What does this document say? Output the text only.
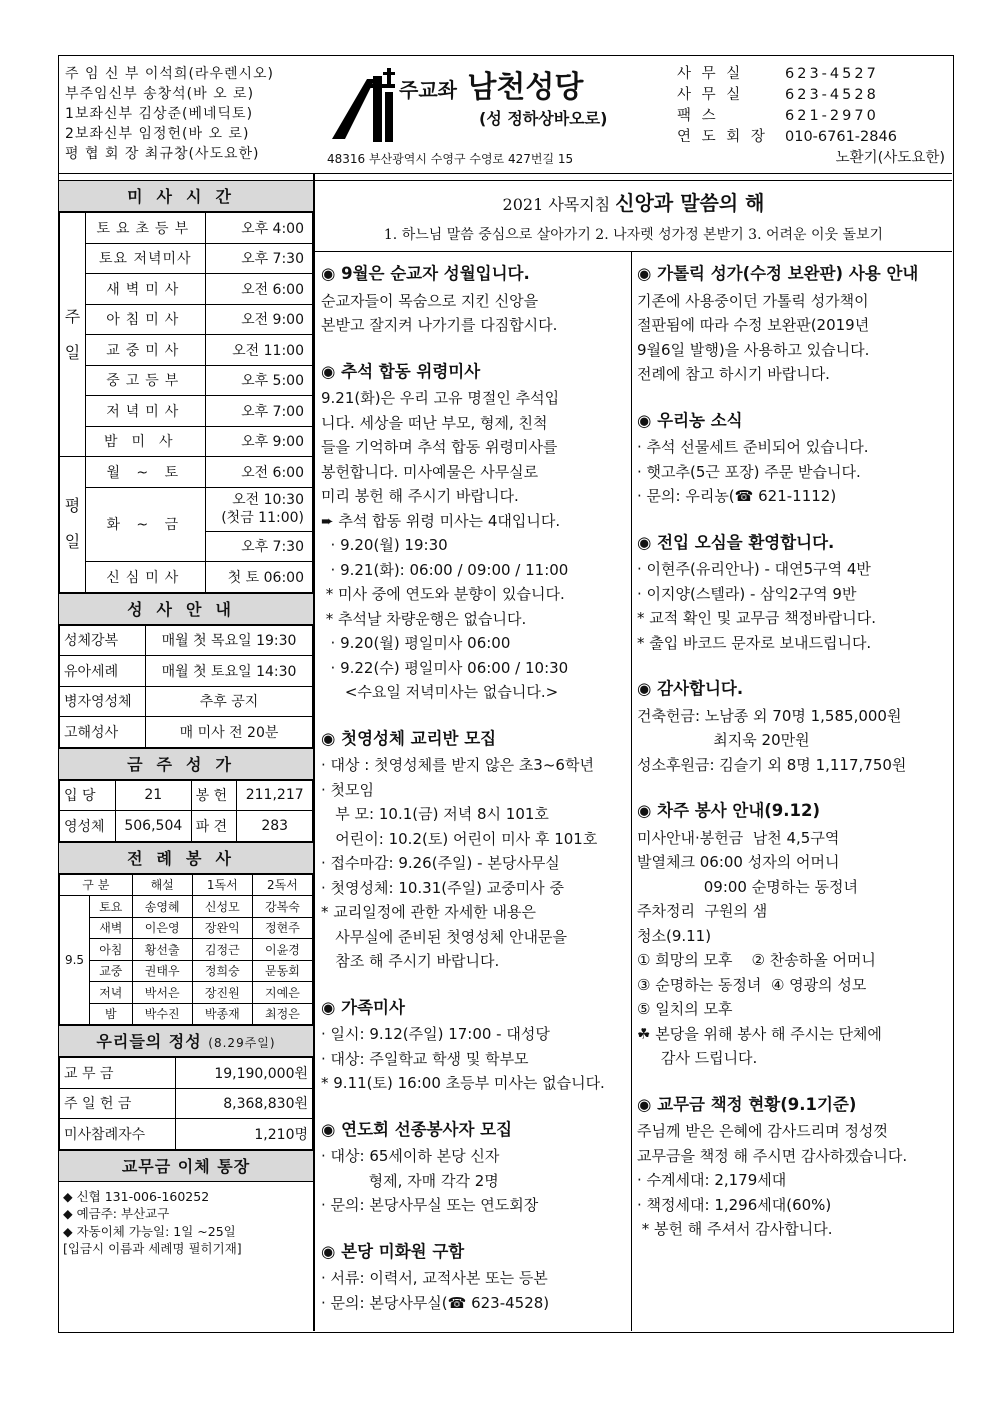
주 임 신 부 이석희(라우렌시오)
부주임신부 송창석(바 오 로)
1보좌신부 김상준(베네딕토)
2보좌신부 임정헌(바 오 로)
평 협 회 장 최규창(사도요한)
주교좌 남천성당
(성 정하상바오로)
48316 부산광역시 수영구 수영로 427번길 15
사 무 실	623-4527
사 무 실	623-4528
팩 스	621-2970
연 도 회 장	010-6761-2846
노환기(사도요한)
미사시간
주일	토요초등부	오후 4:00
	토요 저녁미사	오후 7:30
	새벽미사	오전 6:00
	아침미사	오전 9:00
	교중미사	오전 11:00
	중고등부	오후 5:00
	저녁미사	오후 7:00
	밤미사	오후 9:00
평일	월 ~ 토	오전 6:00
	화 ~ 금	오전 10:30
(첫금 11:00)
		오후 7:30
	신심미사	첫 토 06:00
성사안내
성체강복	매월 첫 목요일 19:30
유아세례	매월 첫 토요일 14:30
병자영성체	추후 공지
고해성사	매 미사 전 20분
금주성가
입 당	21	봉 헌	211,217
영성체	506,504	파 견	283
전례봉사
구 분		해설	1독서	2독서
9.5	토요	송영혜	신성모	강복숙
	새벽	이은영	장완익	정현주
	아침	황선출	김정근	이윤경
	교중	권태우	정희숭	문동회
	저녁	박서은	장진원	지예은
	밤	박수진	박종재	최정은
우리들의 정성 (8.29주일)
교 무 금	19,190,000원
주 일 헌 금	8,368,830원
미사참례자수	1,210명
교무금 이체 통장
◆ 신협 131-006-160252
◆ 예금주: 부산교구
◆ 자동이체 가능일: 1일 ~25일
[입금시 이름과 세례명 필히기재]
2021 사목지침 신앙과 말씀의 해
1. 하느님 말씀 중심으로 살아가기 2. 나자렛 성가정 본받기 3. 어려운 이웃 돌보기
◉ 9월은 순교자 성월입니다.
순교자들이 목숨으로 지킨 신앙을
본받고 잘지켜 나가기를 다짐합시다.
◉ 추석 합동 위령미사
9.21(화)은 우리 고유 명절인 추석입
니다. 세상을 떠난 부모, 형제, 친척
들을 기억하며 추석 합동 위령미사를
봉헌합니다. 미사예물은 사무실로
미리 봉헌 해 주시기 바랍니다.
➨ 추석 합동 위령 미사는 4대입니다.
· 9.20(월) 19:30
· 9.21(화): 06:00 / 09:00 / 11:00
* 미사 중에 연도와 분향이 있습니다.
* 추석날 차량운행은 없습니다.
· 9.20(월) 평일미사 06:00
· 9.22(수) 평일미사 06:00 / 10:30
<수요일 저녁미사는 없습니다.>
◉ 첫영성체 교리반 모집
· 대상 : 첫영성체를 받지 않은 초3~6학년
· 첫모임
부 모: 10.1(금) 저녁 8시 101호
어린이: 10.2(토) 어린이 미사 후 101호
· 접수마감: 9.26(주일) - 본당사무실
· 첫영성체: 10.31(주일) 교중미사 중
* 교리일정에 관한 자세한 내용은
사무실에 준비된 첫영성체 안내문을
참조 해 주시기 바랍니다.
◉ 가족미사
· 일시: 9.12(주일) 17:00 - 대성당
· 대상: 주일학교 학생 및 학부모
* 9.11(토) 16:00 초등부 미사는 없습니다.
◉ 연도회 선종봉사자 모집
· 대상: 65세이하 본당 신자
형제, 자매 각각 2명
· 문의: 본당사무실 또는 연도회장
◉ 본당 미화원 구함
· 서류: 이력서, 교적사본 또는 등본
· 문의: 본당사무실(☎ 623-4528)
◉ 가톨릭 성가(수정 보완판) 사용 안내
기존에 사용중이던 가톨릭 성가책이
절판됨에 따라 수정 보완판(2019년
9월6일 발행)을 사용하고 있습니다.
전례에 참고 하시기 바랍니다.
◉ 우리농 소식
· 추석 선물세트 준비되어 있습니다.
· 햇고추(5근 포장) 주문 받습니다.
· 문의: 우리농(☎ 621-1112)
◉ 전입 오심을 환영합니다.
· 이현주(유리안나) - 대연5구역 4반
· 이지양(스텔라) - 삼익2구역 9반
* 교적 확인 및 교무금 책정바랍니다.
* 출입 바코드 문자로 보내드립니다.
◉ 감사합니다.
건축헌금: 노남종 외 70명 1,585,000원
최지욱 20만원
성소후원금: 김슬기 외 8명 1,117,750원
◉ 차주 봉사 안내(9.12)
미사안내·봉헌금  남천 4,5구역
발열체크 06:00 성자의 어머니
09:00 순명하는 동정녀
주차정리  구원의 샘
청소(9.11)
① 희망의 모후    ② 찬송하올 어머니
③ 순명하는 동정녀  ④ 영광의 성모
⑤ 일치의 모후
☘ 본당을 위해 봉사 해 주시는 단체에
감사 드립니다.
◉ 교무금 책정 현황(9.1기준)
주님께 받은 은혜에 감사드리며 정성껏
교무금을 책정 해 주시면 감사하겠습니다.
· 수계세대: 2,179세대
· 책정세대: 1,296세대(60%)
* 봉헌 해 주셔서 감사합니다.
